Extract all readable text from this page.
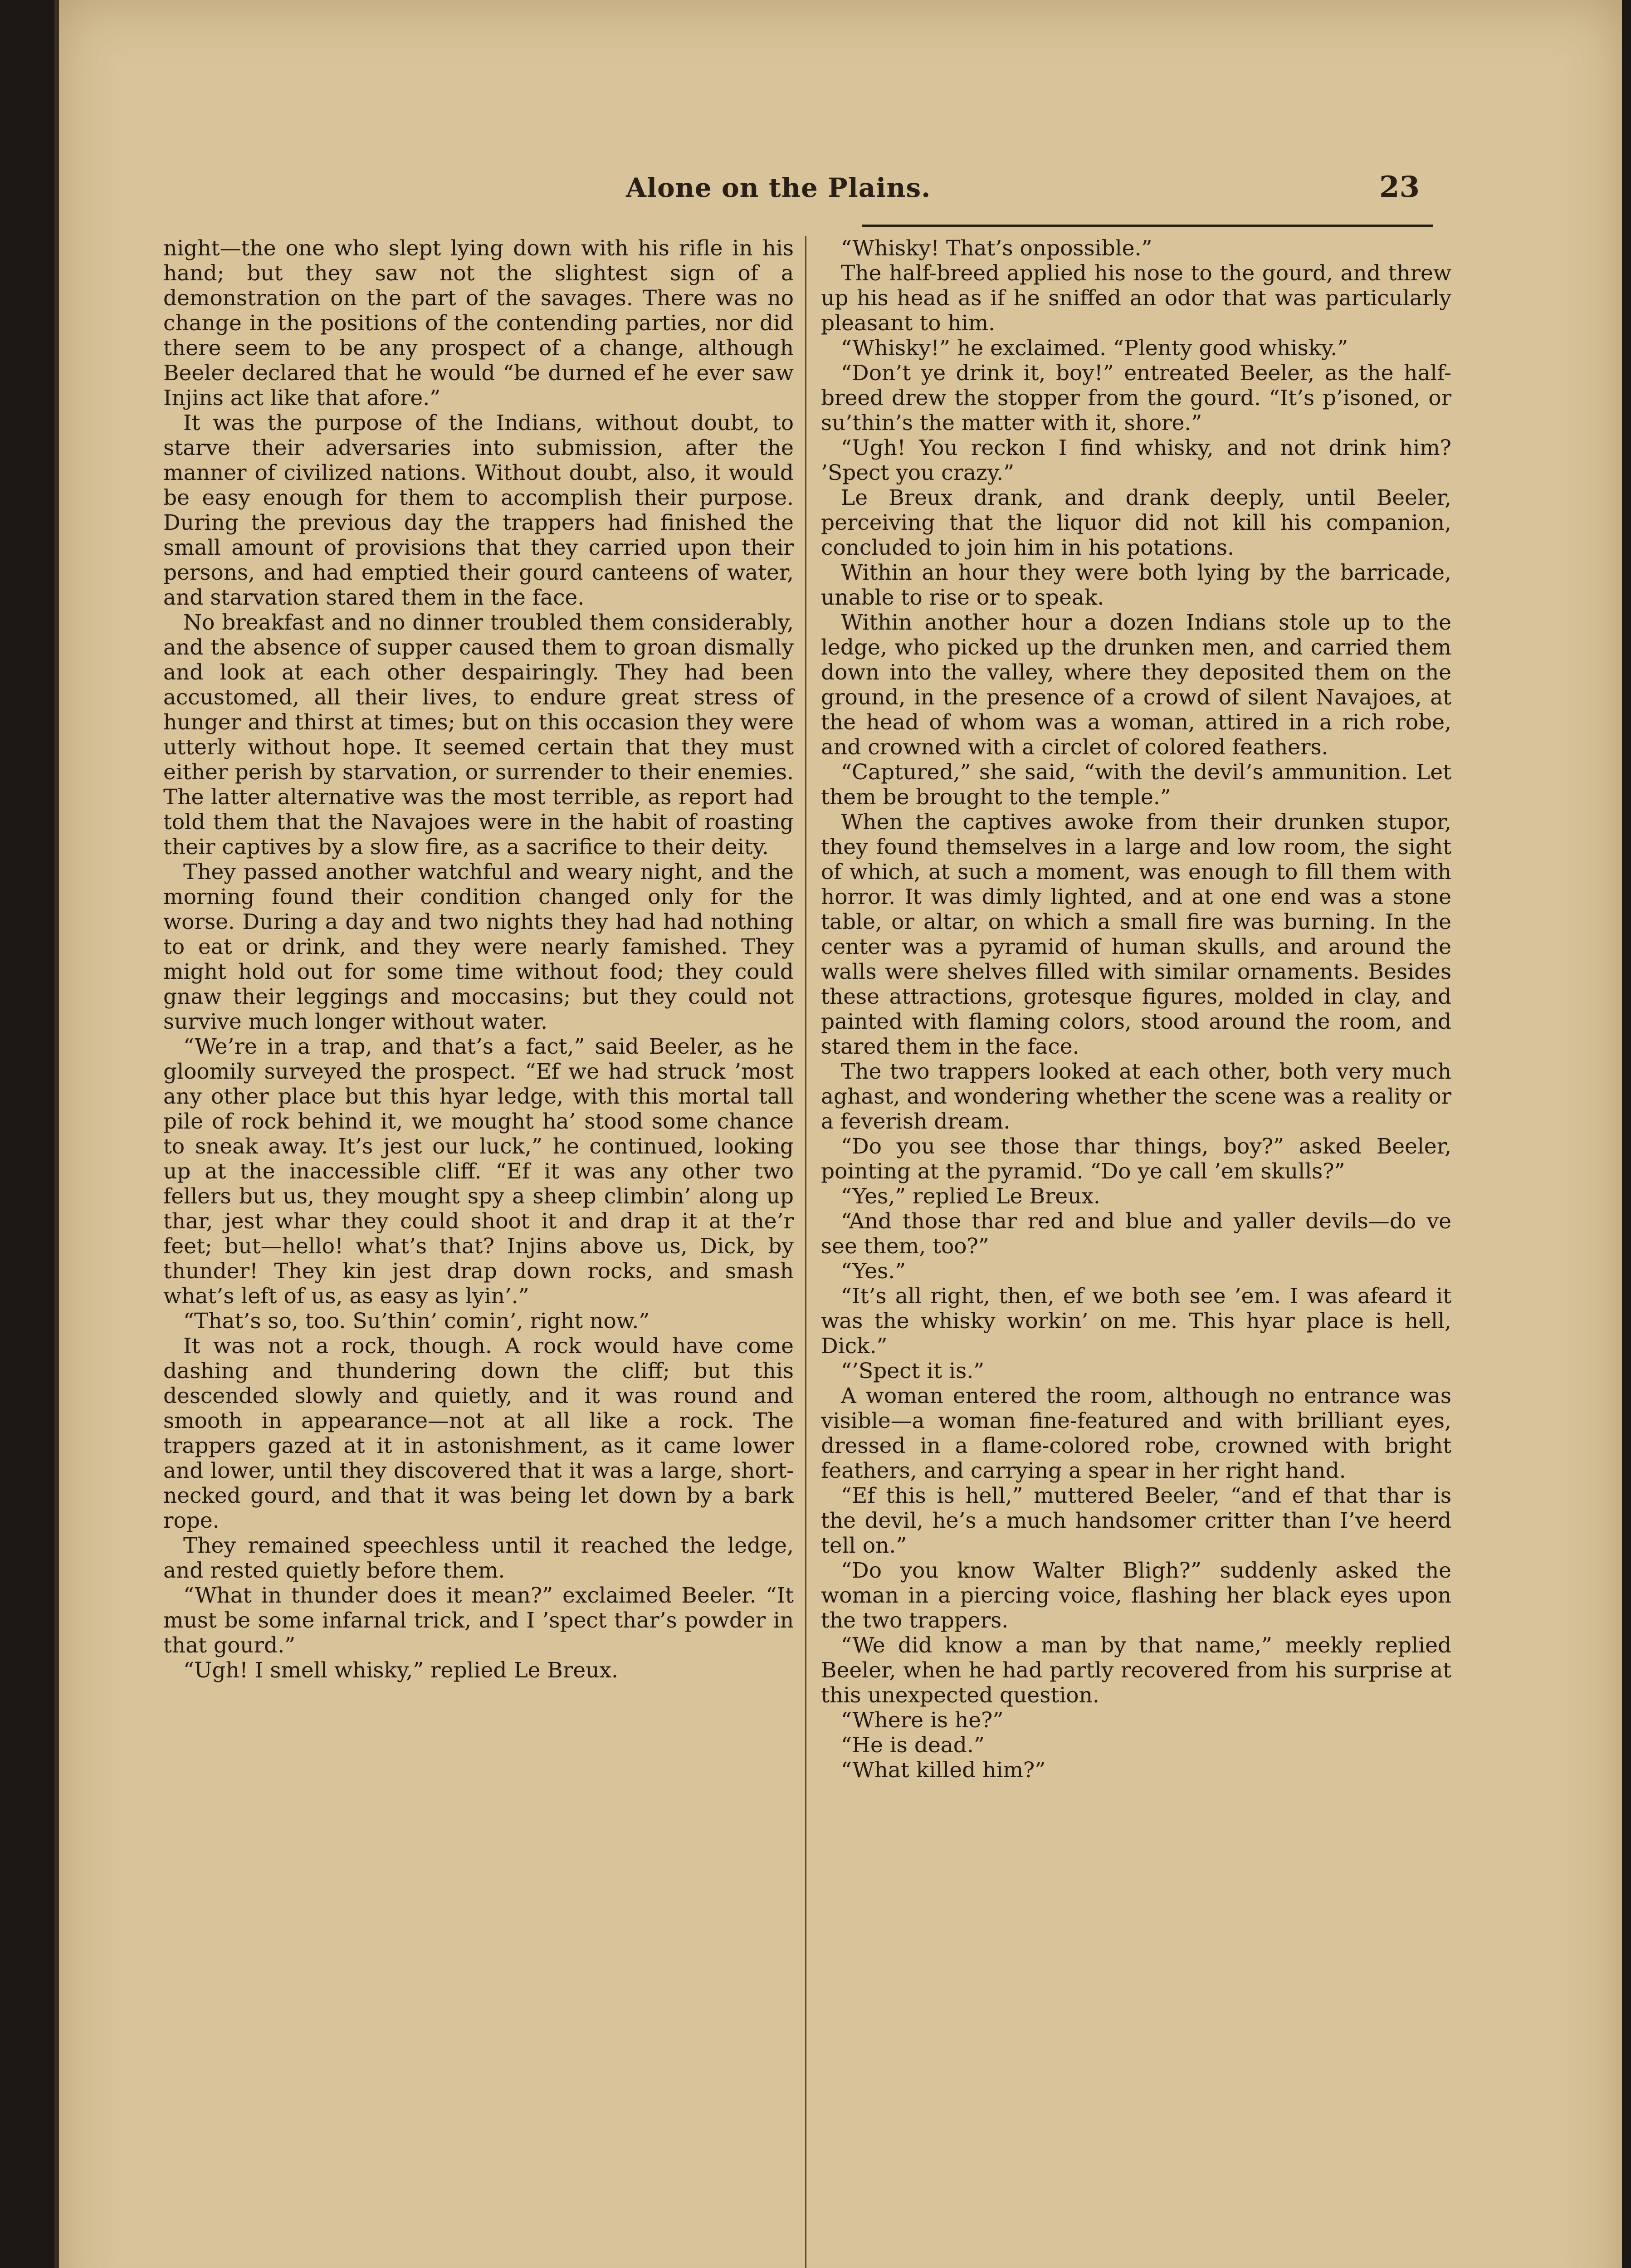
Alone on the Plains.	23

night—the one who slept lying down with his rifle in his hand; but they saw not the slightest sign of a demonstration on the part of the savages. There was no change in the positions of the contending parties, nor did there seem to be any prospect of a change, although Beeler declared that he would “be durned ef he ever saw Injins act like that afore.”

It was the purpose of the Indians, without doubt, to starve their adversaries into submission, after the manner of civilized nations. Without doubt, also, it would be easy enough for them to accomplish their purpose. During the previous day the trappers had finished the small amount of provisions that they carried upon their persons, and had emptied their gourd canteens of water, and starvation stared them in the face.

No breakfast and no dinner troubled them considerably, and the absence of supper caused them to groan dismally and look at each other despairingly. They had been accustomed, all their lives, to endure great stress of hunger and thirst at times; but on this occasion they were utterly without hope. It seemed certain that they must either perish by starvation, or surrender to their enemies. The latter alternative was the most terrible, as report had told them that the Navajoes were in the habit of roasting their captives by a slow fire, as a sacrifice to their deity.

They passed another watchful and weary night, and the morning found their condition changed only for the worse. During a day and two nights they had had nothing to eat or drink, and they were nearly famished. They might hold out for some time without food; they could gnaw their leggings and moccasins; but they could not survive much longer without water.

“We’re in a trap, and that’s a fact,” said Beeler, as he gloomily surveyed the prospect. “Ef we had struck ’most any other place but this hyar ledge, with this mortal tall pile of rock behind it, we mought ha’ stood some chance to sneak away. It’s jest our luck,” he continued, looking up at the inaccessible cliff. “Ef it was any other two fellers but us, they mought spy a sheep climbin’ along up thar, jest whar they could shoot it and drap it at the’r feet; but—hello! what’s that? Injins above us, Dick, by thunder! They kin jest drap down rocks, and smash what’s left of us, as easy as lyin’.”

“That’s so, too. Su’thin’ comin’, right now.”

It was not a rock, though. A rock would have come dashing and thundering down the cliff; but this descended slowly and quietly, and it was round and smooth in appearance—not at all like a rock. The trappers gazed at it in astonishment, as it came lower and lower, until they discovered that it was a large, short-necked gourd, and that it was being let down by a bark rope.

They remained speechless until it reached the ledge, and rested quietly before them.

“What in thunder does it mean?” exclaimed Beeler. “It must be some infarnal trick, and I ’spect thar’s powder in that gourd.”

“Ugh! I smell whisky,” replied Le Breux.

“Whisky! That’s onpossible.”

The half-breed applied his nose to the gourd, and threw up his head as if he sniffed an odor that was particularly pleasant to him.

“Whisky!” he exclaimed. “Plenty good whisky.”

“Don’t ye drink it, boy!” entreated Beeler, as the half-breed drew the stopper from the gourd. “It’s p’isoned, or su’thin’s the matter with it, shore.”

“Ugh! You reckon I find whisky, and not drink him? ’Spect you crazy.”

Le Breux drank, and drank deeply, until Beeler, perceiving that the liquor did not kill his companion, concluded to join him in his potations.

Within an hour they were both lying by the barricade, unable to rise or to speak.

Within another hour a dozen Indians stole up to the ledge, who picked up the drunken men, and carried them down into the valley, where they deposited them on the ground, in the presence of a crowd of silent Navajoes, at the head of whom was a woman, attired in a rich robe, and crowned with a circlet of colored feathers.

“Captured,” she said, “with the devil’s ammunition. Let them be brought to the temple.”

When the captives awoke from their drunken stupor, they found themselves in a large and low room, the sight of which, at such a moment, was enough to fill them with horror. It was dimly lighted, and at one end was a stone table, or altar, on which a small fire was burning. In the center was a pyramid of human skulls, and around the walls were shelves filled with similar ornaments. Besides these attractions, grotesque figures, molded in clay, and painted with flaming colors, stood around the room, and stared them in the face.

The two trappers looked at each other, both very much aghast, and wondering whether the scene was a reality or a feverish dream.

“Do you see those thar things, boy?” asked Beeler, pointing at the pyramid. “Do ye call ’em skulls?”

“Yes,” replied Le Breux.

“And those thar red and blue and yaller devils—do ve see them, too?”

“Yes.”

“It’s all right, then, ef we both see ’em. I was afeard it was the whisky workin’ on me. This hyar place is hell, Dick.”

“’Spect it is.”

A woman entered the room, although no entrance was visible—a woman fine-featured and with brilliant eyes, dressed in a flame-colored robe, crowned with bright feathers, and carrying a spear in her right hand.

“Ef this is hell,” muttered Beeler, “and ef that thar is the devil, he’s a much handsomer critter than I’ve heerd tell on.”

“Do you know Walter Bligh?” suddenly asked the woman in a piercing voice, flashing her black eyes upon the two trappers.

“We did know a man by that name,” meekly replied Beeler, when he had partly recovered from his surprise at this unexpected question.

“Where is he?”

“He is dead.”

“What killed him?”
